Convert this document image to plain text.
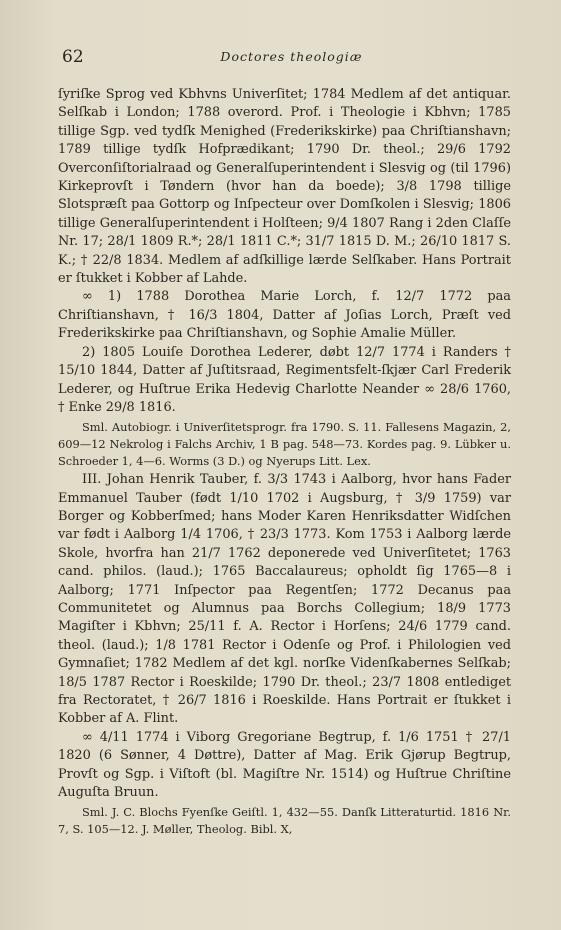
62	Doctores theologiæ

ſyriſke Sprog ved Kbhvns Univerſitet; 1784 Medlem af det antiquar. Selſkab i London; 1788 overord. Prof. i Theologie i Kbhvn; 1785 tillige Sgp. ved tydſk Menighed (Frederikskirke) paa Chriſtianshavn; 1789 tillige tydſk Hofprædikant; 1790 Dr. theol.; 29/6 1792 Overconſiſtorialraad og Generalſuperintendent i Slesvig og (til 1796) Kirkeprovſt i Tøndern (hvor han da boede); 3/8 1798 tillige Slotspræſt paa Gottorp og Inſpecteur over Domſkolen i Slesvig; 1806 tillige Generalſuperintendent i Holſteen; 9/4 1807 Rang i 2den Claſſe Nr. 17; 28/1 1809 R.*; 28/1 1811 C.*; 31/7 1815 D. M.; 26/10 1817 S. K.; † 22/8 1834. Medlem af adſkillige lærde Selſkaber. Hans Portrait er ſtukket i Kobber af Lahde.

∞ 1) 1788 Dorothea Marie Lorch, f. 12/7 1772 paa Chriſtianshavn, † 16/3 1804, Datter af Joſias Lorch, Præſt ved Frederikskirke paa Chriſtianshavn, og Sophie Amalie Müller.

2) 1805 Louiſe Dorothea Lederer, døbt 12/7 1774 i Randers † 15/10 1844, Datter af Juſtitsraad, Regimentsfelt-ſkjær Carl Frederik Lederer, og Huſtrue Erika Hedevig Charlotte Neander ∞ 28/6 1760, † Enke 29/8 1816.

Sml. Autobiogr. i Univerſitetsprogr. fra 1790. S. 11. Fallesens Magazin, 2, 609—12 Nekrolog i Falchs Archiv, 1 B pag. 548—73. Kordes pag. 9. Lübker u. Schroeder 1, 4—6. Worms (3 D.) og Nyerups Litt. Lex.

III. Johan Henrik Tauber, f. 3/3 1743 i Aalborg, hvor hans Fader Emmanuel Tauber (født 1/10 1702 i Augsburg, † 3/9 1759) var Borger og Kobberſmed; hans Moder Karen Henriksdatter Widſchen var født i Aalborg 1/4 1706, † 23/3 1773. Kom 1753 i Aalborg lærde Skole, hvorfra han 21/7 1762 deponerede ved Univerſitetet; 1763 cand. philos. (laud.); 1765 Baccalaureus; opholdt ſig 1765—8 i Aalborg; 1771 Inſpector paa Regentſen; 1772 Decanus paa Communitetet og Alumnus paa Borchs Collegium; 18/9 1773 Magiſter i Kbhvn; 25/11 f. A. Rector i Horſens; 24/6 1779 cand. theol. (laud.); 1/8 1781 Rector i Odenſe og Prof. i Philologien ved Gymnaſiet; 1782 Medlem af det kgl. norſke Videnſkabernes Selſkab; 18/5 1787 Rector i Roeskilde; 1790 Dr. theol.; 23/7 1808 entlediget fra Rectoratet, † 26/7 1816 i Roeskilde. Hans Portrait er ſtukket i Kobber af A. Flint.

∞ 4/11 1774 i Viborg Gregoriane Begtrup, f. 1/6 1751 † 27/1 1820 (6 Sønner, 4 Døttre), Datter af Mag. Erik Gjørup Begtrup, Provſt og Sgp. i Viſtoft (bl. Magiſtre Nr. 1514) og Huſtrue Chriſtine Auguſta Bruun.

Sml. J. C. Blochs Fyenſke Geiſtl. 1, 432—55. Danſk Litteraturtid. 1816 Nr. 7, S. 105—12. J. Møller, Theolog. Bibl. X,
